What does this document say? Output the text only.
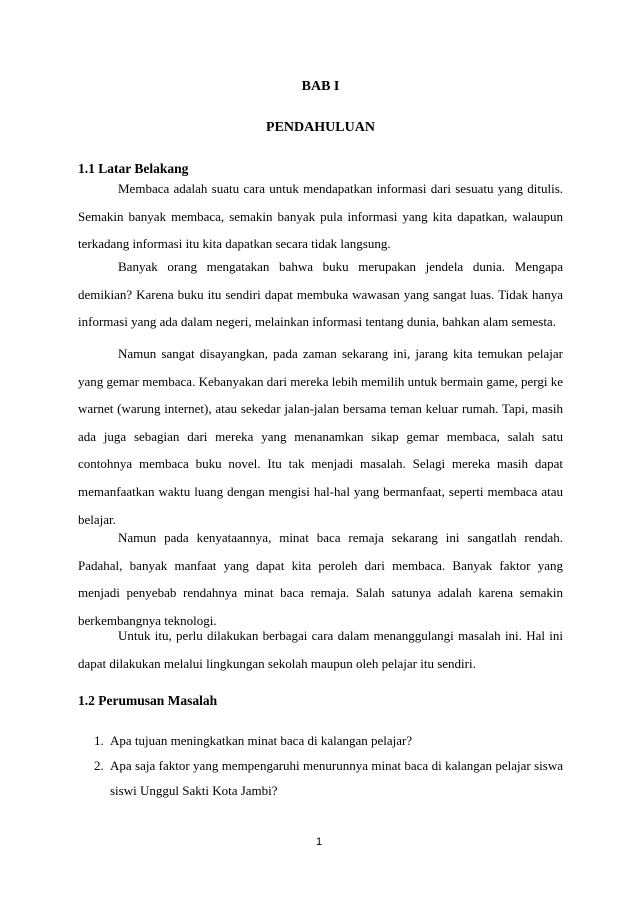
BAB I
PENDAHULUAN
1.1 Latar Belakang

Membaca adalah suatu cara untuk mendapatkan informasi dari sesuatu yang ditulis. Semakin banyak membaca, semakin banyak pula informasi yang kita dapatkan, walaupun terkadang informasi itu kita dapatkan secara tidak langsung.

Banyak orang mengatakan bahwa buku merupakan jendela dunia. Mengapa demikian? Karena buku itu sendiri dapat membuka wawasan yang sangat luas. Tidak hanya informasi yang ada dalam negeri, melainkan informasi tentang dunia, bahkan alam semesta.

Namun sangat disayangkan, pada zaman sekarang ini, jarang kita temukan pelajar yang gemar membaca. Kebanyakan dari mereka lebih memilih untuk bermain game, pergi ke warnet (warung internet), atau sekedar jalan-jalan bersama teman keluar rumah. Tapi, masih ada juga sebagian dari mereka yang menanamkan sikap gemar membaca, salah satu contohnya membaca buku novel. Itu tak menjadi masalah. Selagi mereka masih dapat memanfaatkan waktu luang dengan mengisi hal-hal yang bermanfaat, seperti membaca atau belajar.

Namun pada kenyataannya, minat baca remaja sekarang ini sangatlah rendah. Padahal, banyak manfaat yang dapat kita peroleh dari membaca. Banyak faktor yang menjadi penyebab rendahnya minat baca remaja. Salah satunya adalah karena semakin berkembangnya teknologi.

Untuk itu, perlu dilakukan berbagai cara dalam menanggulangi masalah ini. Hal ini dapat dilakukan melalui lingkungan sekolah maupun oleh pelajar itu sendiri.

1.2 Perumusan Masalah
1. Apa tujuan meningkatkan minat baca di kalangan pelajar?
2. Apa saja faktor yang mempengaruhi menurunnya minat baca di kalangan pelajar siswa siswi Unggul Sakti Kota Jambi?
1
